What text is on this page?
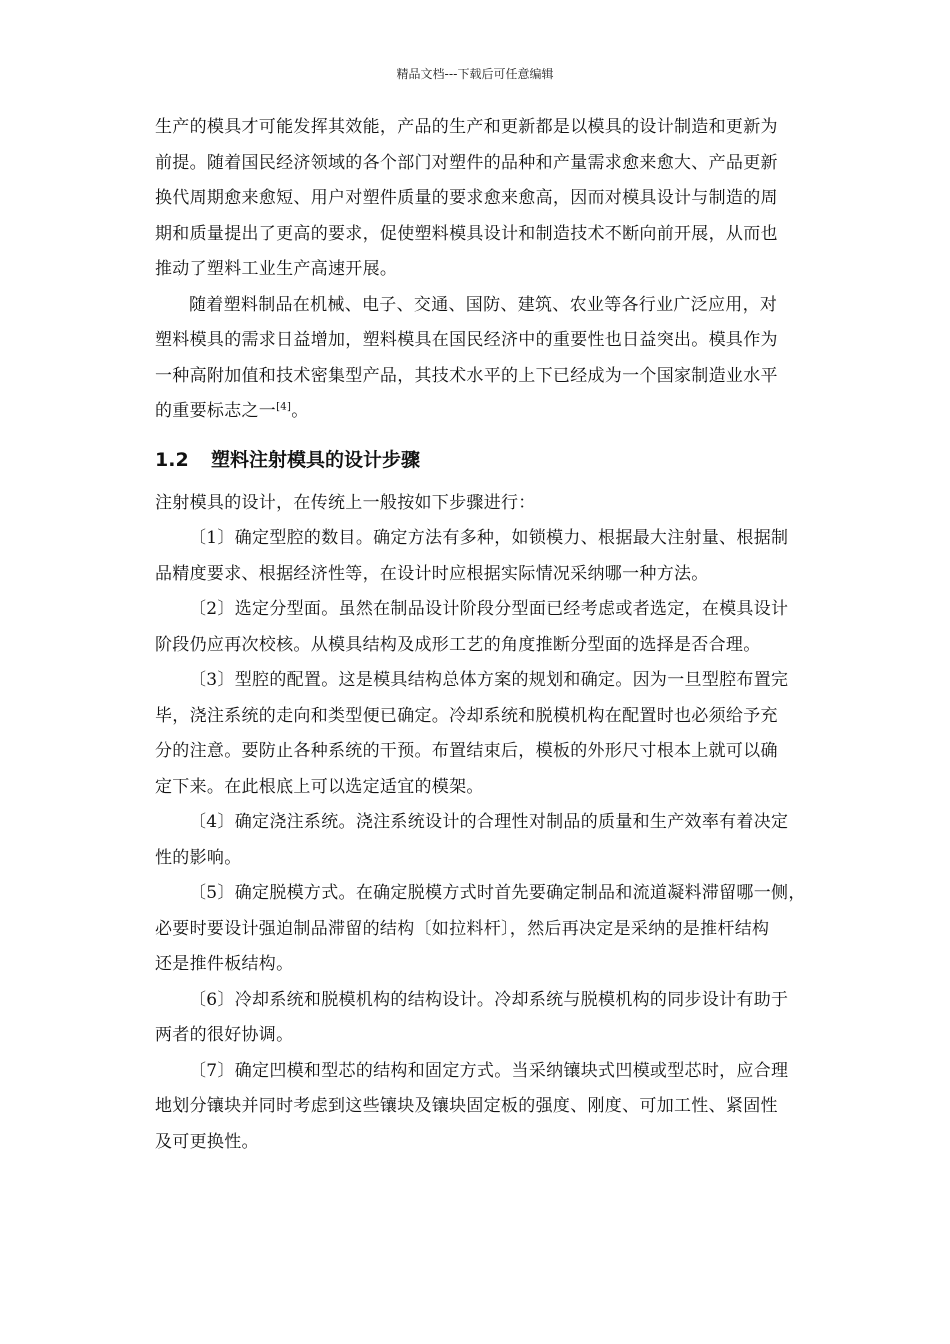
精品文档---下载后可任意编辑
生产的模具才可能发挥其效能，产品的生产和更新都是以模具的设计制造和更新为
前提。随着国民经济领域的各个部门对塑件的品种和产量需求愈来愈大、产品更新
换代周期愈来愈短、用户对塑件质量的要求愈来愈高，因而对模具设计与制造的周
期和质量提出了更高的要求，促使塑料模具设计和制造技术不断向前开展，从而也
推动了塑料工业生产高速开展。
随着塑料制品在机械、电子、交通、国防、建筑、农业等各行业广泛应用，对
塑料模具的需求日益增加，塑料模具在国民经济中的重要性也日益突出。模具作为
一种高附加值和技术密集型产品，其技术水平的上下已经成为一个国家制造业水平
的重要标志之一[4]。
1.2 塑料注射模具的设计步骤
注射模具的设计，在传统上一般按如下步骤进行：
〔1〕确定型腔的数目。确定方法有多种，如锁模力、根据最大注射量、根据制
品精度要求、根据经济性等，在设计时应根据实际情况采纳哪一种方法。
〔2〕选定分型面。虽然在制品设计阶段分型面已经考虑或者选定，在模具设计
阶段仍应再次校核。从模具结构及成形工艺的角度推断分型面的选择是否合理。
〔3〕型腔的配置。这是模具结构总体方案的规划和确定。因为一旦型腔布置完
毕，浇注系统的走向和类型便已确定。冷却系统和脱模机构在配置时也必须给予充
分的注意。要防止各种系统的干预。布置结束后，模板的外形尺寸根本上就可以确
定下来。在此根底上可以选定适宜的模架。
〔4〕确定浇注系统。浇注系统设计的合理性对制品的质量和生产效率有着决定
性的影响。
〔5〕确定脱模方式。在确定脱模方式时首先要确定制品和流道凝料滞留哪一侧，
必要时要设计强迫制品滞留的结构〔如拉料杆〕，然后再决定是采纳的是推杆结构
还是推件板结构。
〔6〕冷却系统和脱模机构的结构设计。冷却系统与脱模机构的同步设计有助于
两者的很好协调。
〔7〕确定凹模和型芯的结构和固定方式。当采纳镶块式凹模或型芯时，应合理
地划分镶块并同时考虑到这些镶块及镶块固定板的强度、刚度、可加工性、紧固性
及可更换性。
